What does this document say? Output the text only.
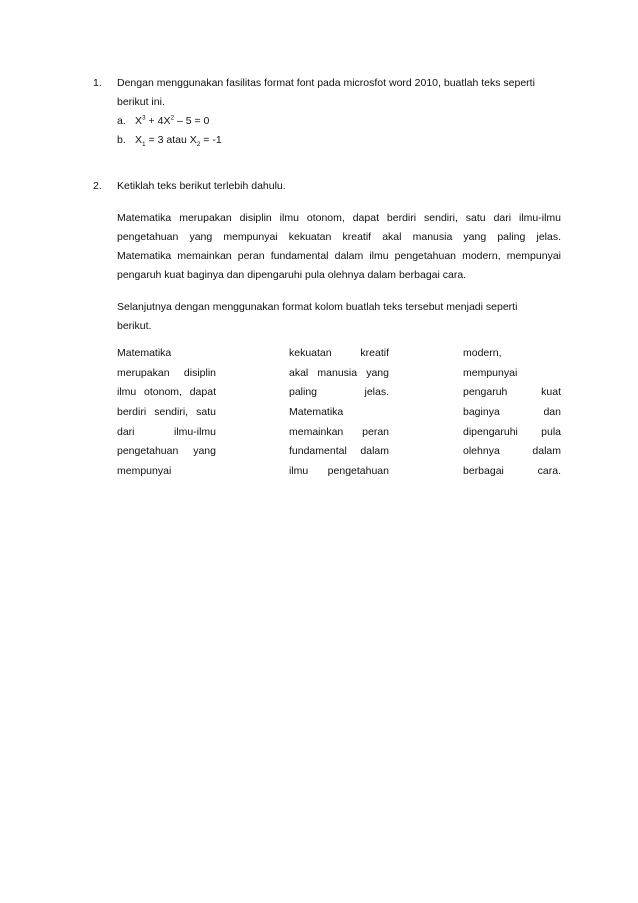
1. Dengan menggunakan fasilitas format font pada microsfot word 2010, buatlah teks seperti
berikut ini.
a. $X^3 + 4X^2 - 5 = 0$
b. $X_1 = 3$ atau $X_2 = -1$
2. Ketiklah teks berikut terlebih dahulu.
Matematika merupakan disiplin ilmu otonom, dapat berdiri sendiri, satu dari ilmu-ilmu
pengetahuan yang mempunyai kekuatan kreatif akal manusia yang paling jelas.
Matematika memainkan peran fundamental dalam ilmu pengetahuan modern, mempunyai
pengaruh kuat baginya dan dipengaruhi pula olehnya dalam berbagai cara.
Selanjutnya dengan menggunakan format kolom buatlah teks tersebut menjadi seperti
berikut.
Matematika
merupakan disiplin
ilmu otonom, dapat
berdiri sendiri, satu
dari	ilmu-ilmu
pengetahuan yang
mempunyai
kekuatan	kreatif
akal manusia yang
paling	jelas.
Matematika
memainkan peran
fundamental dalam
ilmu pengetahuan
modern,
mempunyai
pengaruh	kuat
baginya	dan
dipengaruhi pula
olehnya	dalam
berbagai	cara.
